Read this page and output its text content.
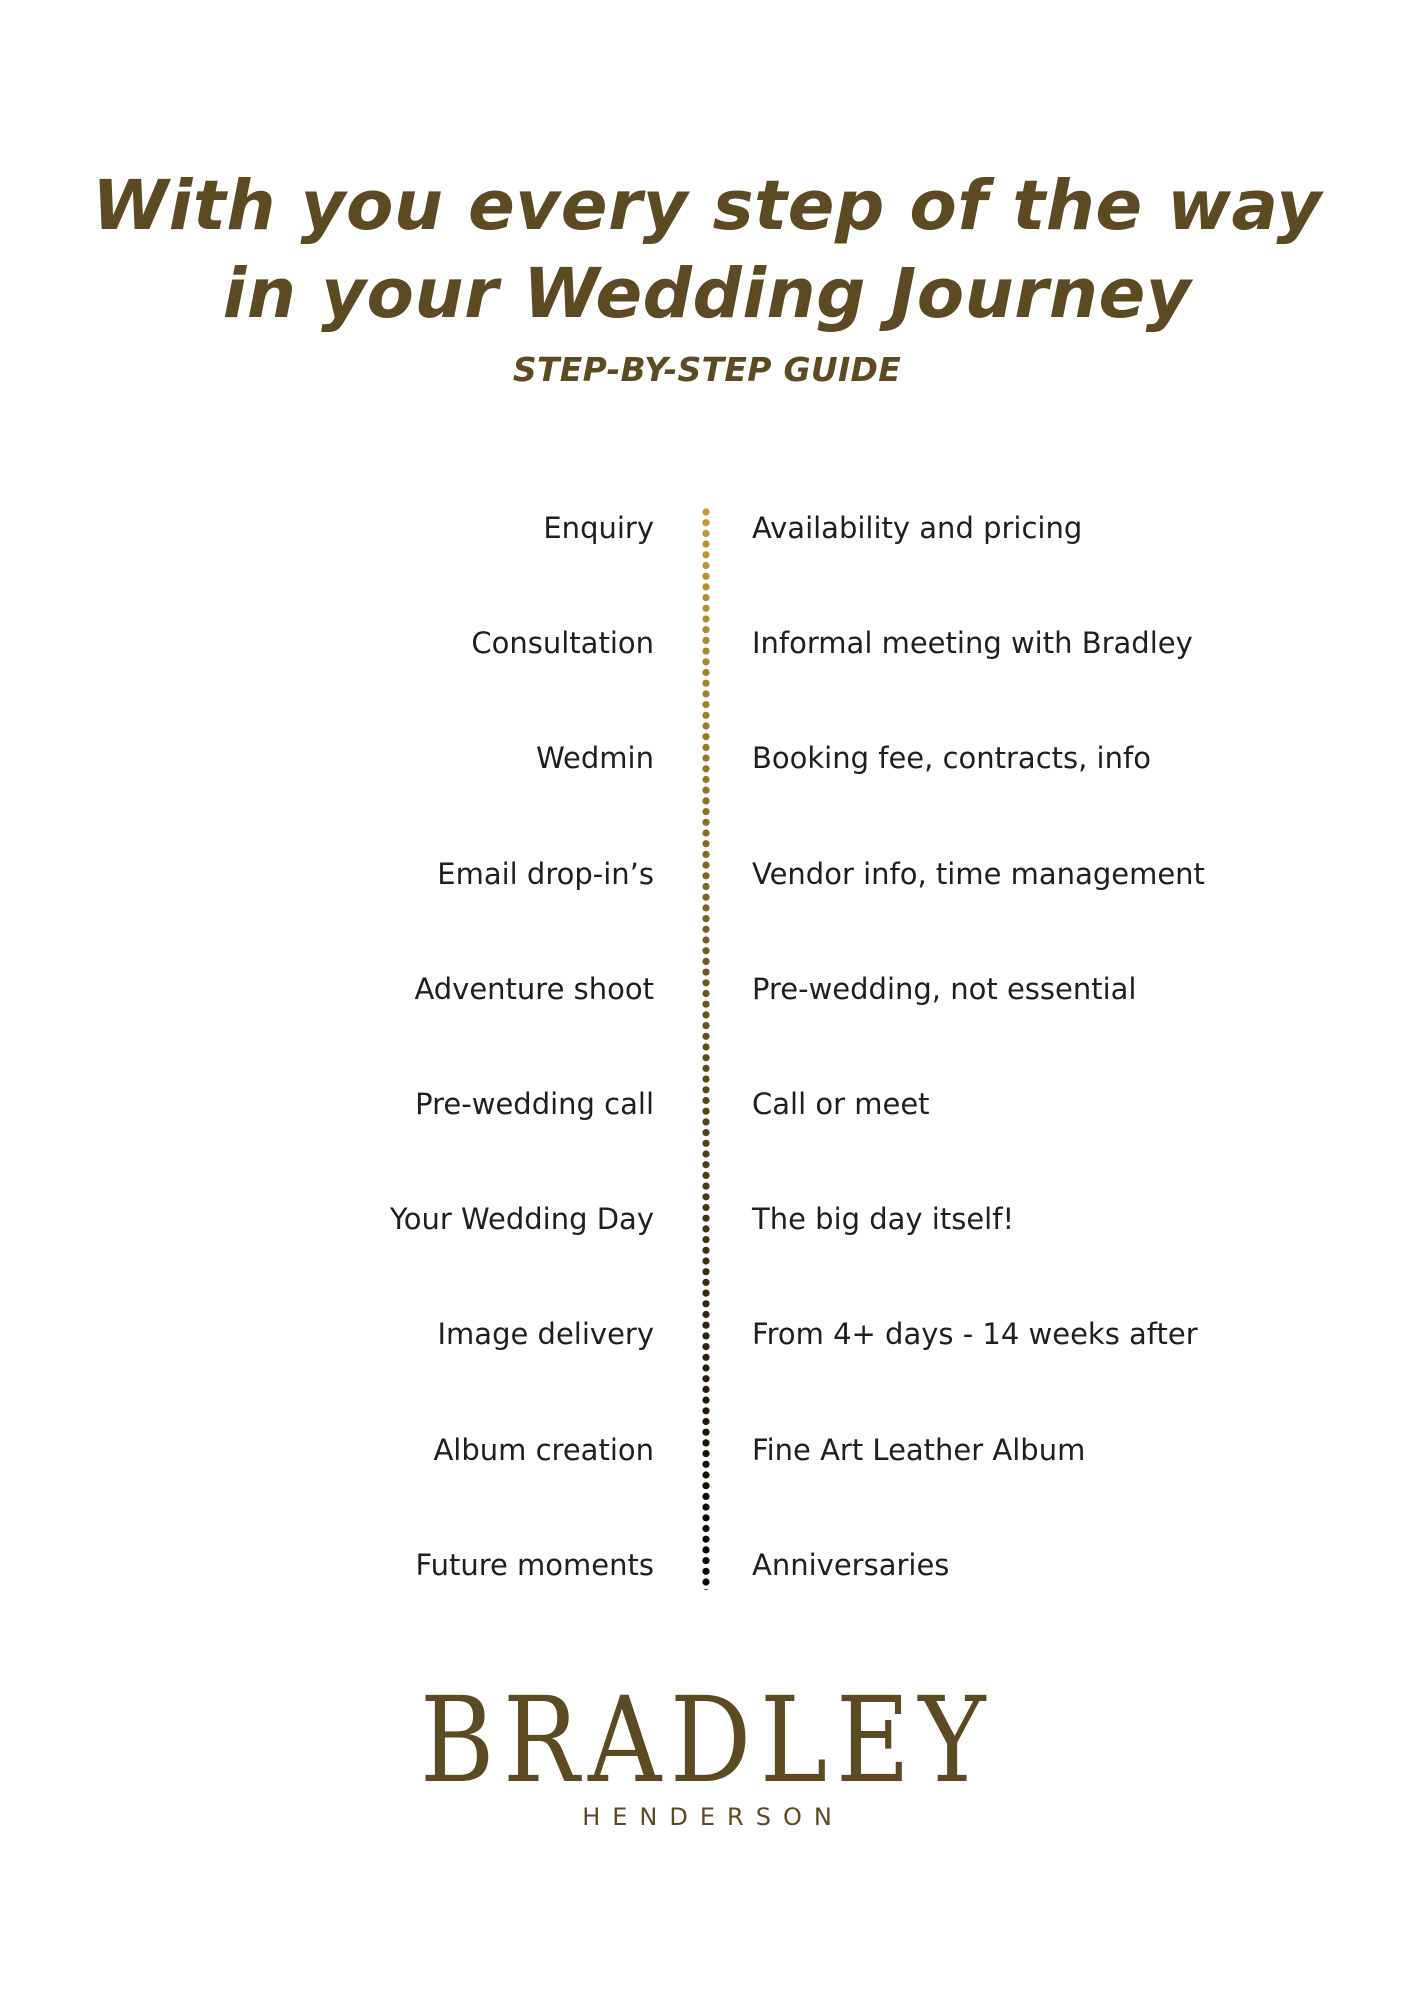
With you every step of the way
in your Wedding Journey
STEP-BY-STEP GUIDE
Enquiry	Availability and pricing
Consultation	Informal meeting with Bradley
Wedmin	Booking fee, contracts, info
Email drop-in’s	Vendor info, time management
Adventure shoot	Pre-wedding, not essential
Pre-wedding call	Call or meet
Your Wedding Day	The big day itself!
Image delivery	From 4+ days - 14 weeks after
Album creation	Fine Art Leather Album
Future moments	Anniversaries
BRADLEY
HENDERSON
